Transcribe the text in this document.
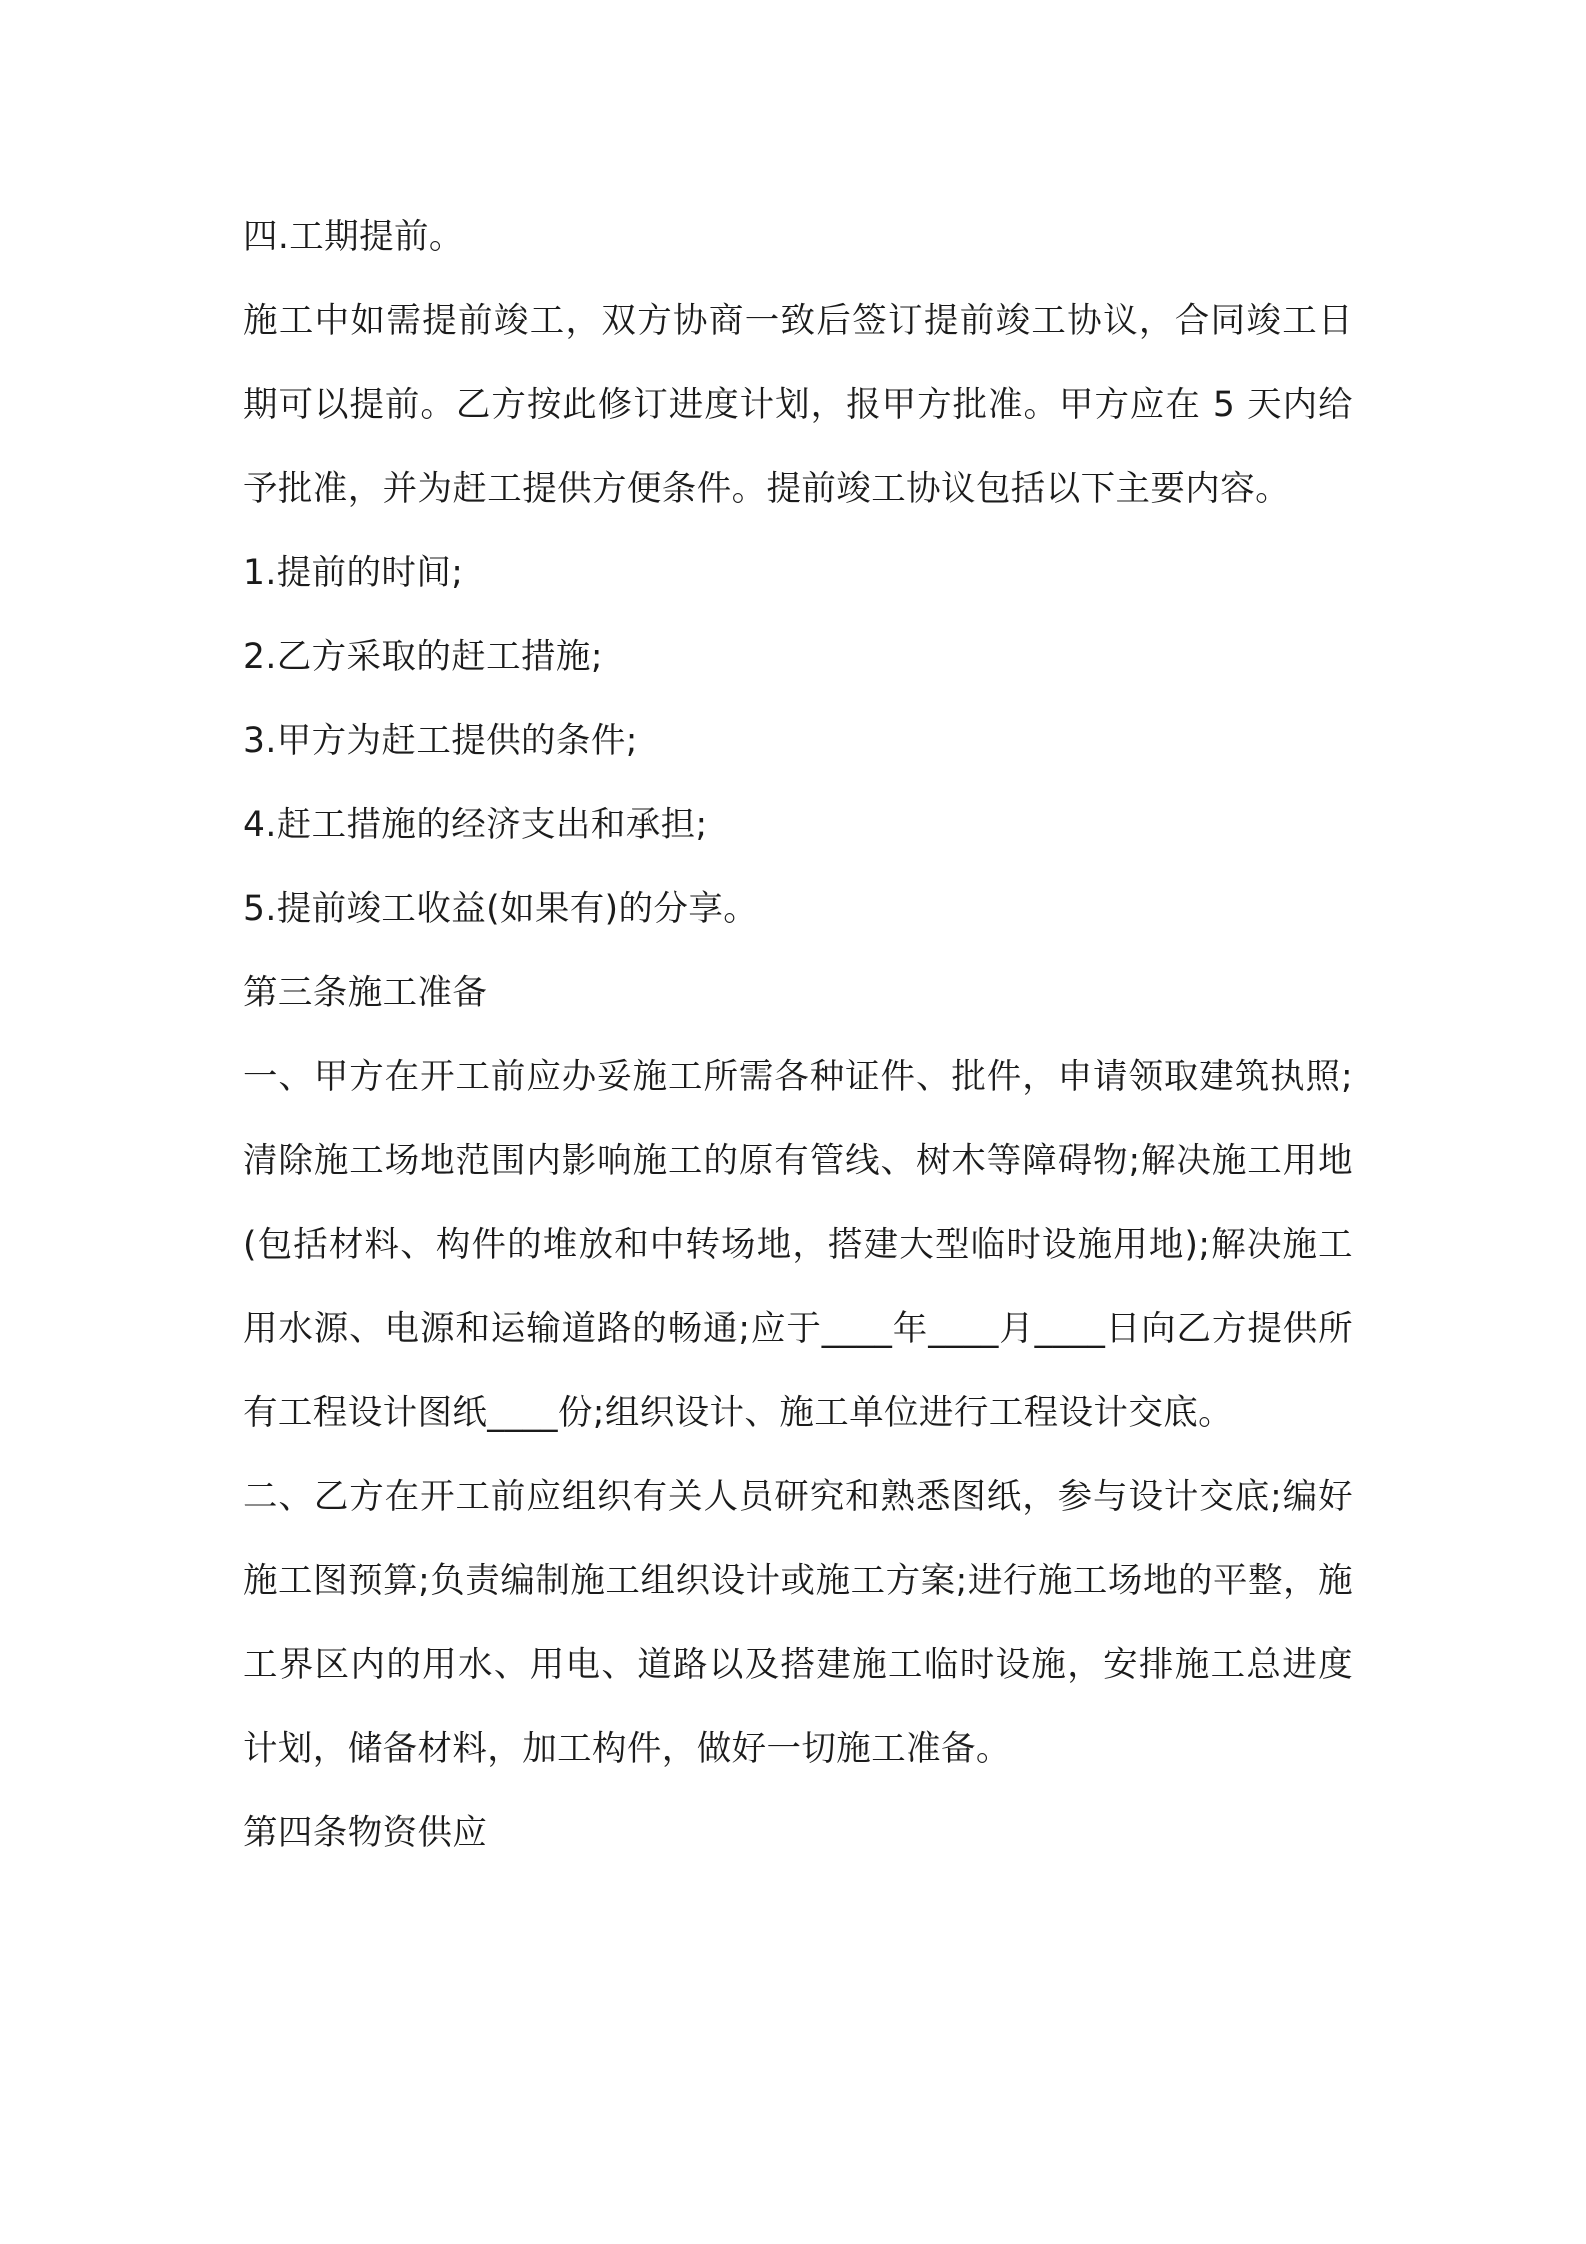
四.工期提前。

施工中如需提前竣工，双方协商一致后签订提前竣工协议，合同竣工日期可以提前。乙方按此修订进度计划，报甲方批准。甲方应在 5 天内给予批准，并为赶工提供方便条件。提前竣工协议包括以下主要内容。

1.提前的时间;

2.乙方采取的赶工措施;

3.甲方为赶工提供的条件;

4.赶工措施的经济支出和承担;

5.提前竣工收益(如果有)的分享。

第三条施工准备

一、甲方在开工前应办妥施工所需各种证件、批件，申请领取建筑执照;清除施工场地范围内影响施工的原有管线、树木等障碍物;解决施工用地(包括材料、构件的堆放和中转场地，搭建大型临时设施用地);解决施工用水源、电源和运输道路的畅通;应于____年____月____日向乙方提供所有工程设计图纸____份;组织设计、施工单位进行工程设计交底。

二、乙方在开工前应组织有关人员研究和熟悉图纸，参与设计交底;编好施工图预算;负责编制施工组织设计或施工方案;进行施工场地的平整，施工界区内的用水、用电、道路以及搭建施工临时设施，安排施工总进度计划，储备材料，加工构件，做好一切施工准备。

第四条物资供应
